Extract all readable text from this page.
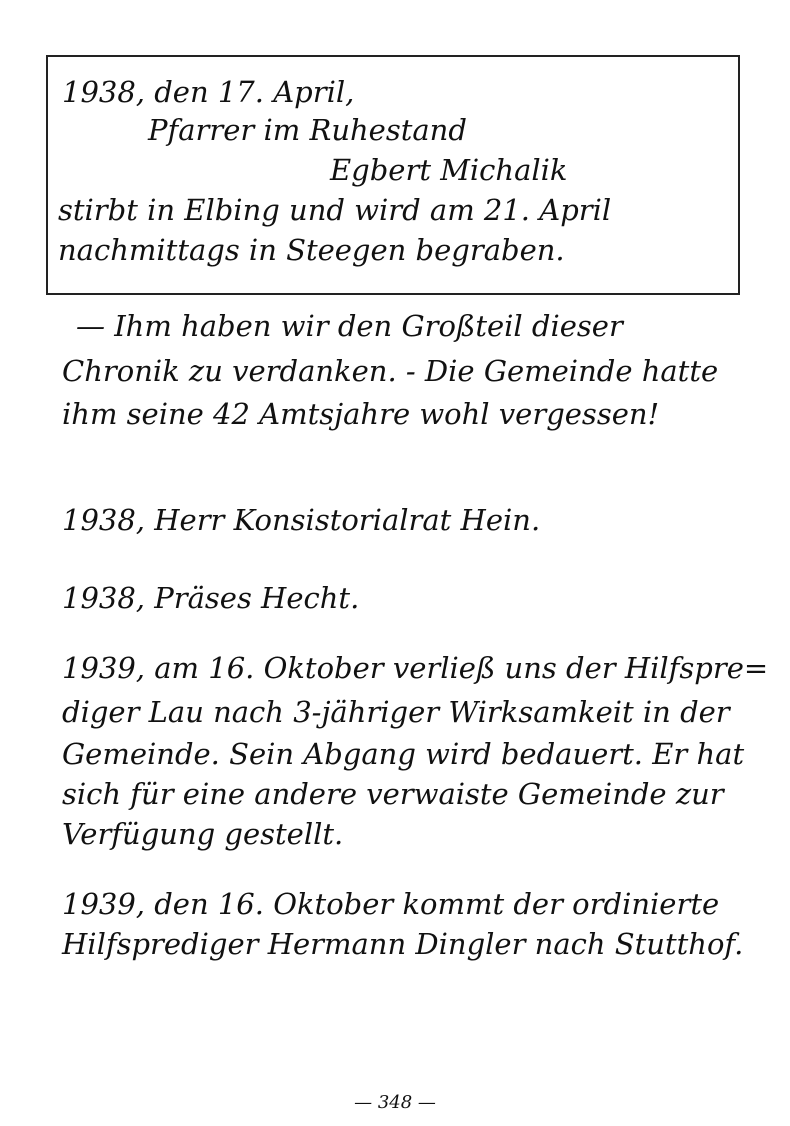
1938, den 17. April,
Pfarrer im Ruhestand
Egbert Michalik
stirbt in Elbing und wird am 21. April
nachmittags in Steegen begraben.
— Ihm haben wir den Großteil dieser
Chronik zu verdanken. - Die Gemeinde hatte
ihm seine 42 Amtsjahre wohl vergessen!
1938, Herr Konsistorialrat Hein.
1938, Präses Hecht.
1939, am 16. Oktober verließ uns der Hilfspre=
diger Lau nach 3-jähriger Wirksamkeit in der
Gemeinde. Sein Abgang wird bedauert. Er hat
sich für eine andere verwaiste Gemeinde zur
Verfügung gestellt.
1939, den 16. Oktober kommt der ordinierte
Hilfsprediger Hermann Dingler nach Stutthof.
— 348 —
